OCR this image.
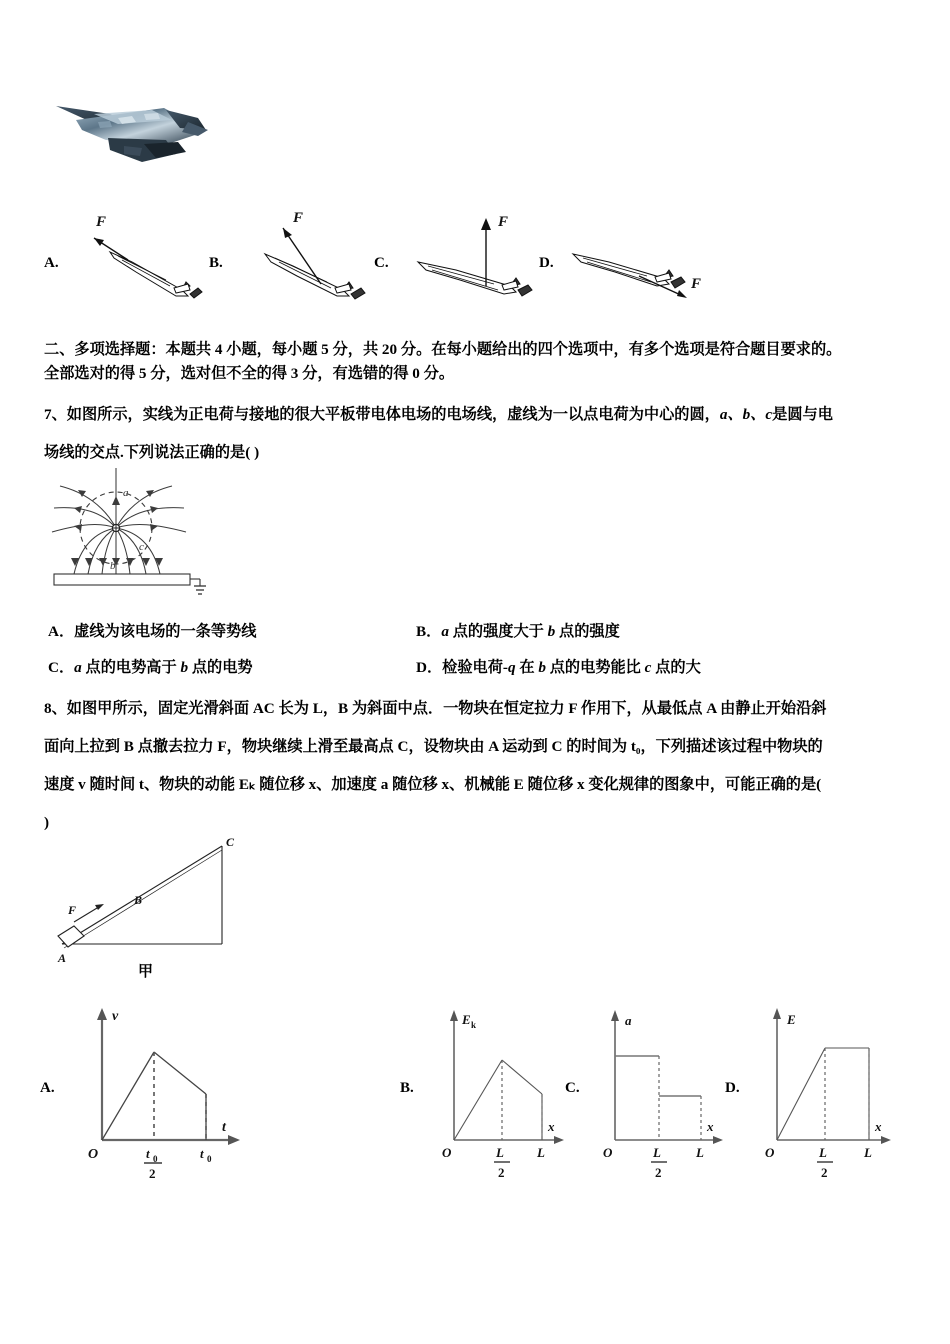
A.
F
B.
F
C.
F
D.
F
二、多项选择题：本题共 4 小题，每小题 5 分，共 20 分。在每小题给出的四个选项中，有多个选项是符合题目要求的。
全部选对的得 5 分，选对但不全的得 3 分，有选错的得 0 分。
7、如图所示，实线为正电荷与接地的很大平板带电体电场的电场线，虚线为一以点电荷为中心的圆，a、b、c是圆与电
场线的交点.下列说法正确的是( )
a
c
b
A．虚线为该电场的一条等势线	B．a 点的强度大于 b 点的强度
C．a 点的电势高于 b 点的电势	D．检验电荷-q 在 b 点的电势能比 c 点的大
8、如图甲所示，固定光滑斜面 AC 长为 L，B 为斜面中点．一物块在恒定拉力 F 作用下，从最低点 A 由静止开始沿斜
面向上拉到 B 点撤去拉力 F，物块继续上滑至最高点 C，设物块由 A 运动到 C 的时间为 t₀，下列描述该过程中物块的
速度 v 随时间 t、物块的动能 Eₖ 随位移 x、加速度 a 随位移 x、机械能 E 随位移 x 变化规律的图象中，可能正确的是(
)
F
A
B
C
甲
A.
v
t
O	t 0
2
t 0
B.
E k
x
O	L
2
L
C.
a
x
O	L
2
L
D.
E
x
O	L
2
L
